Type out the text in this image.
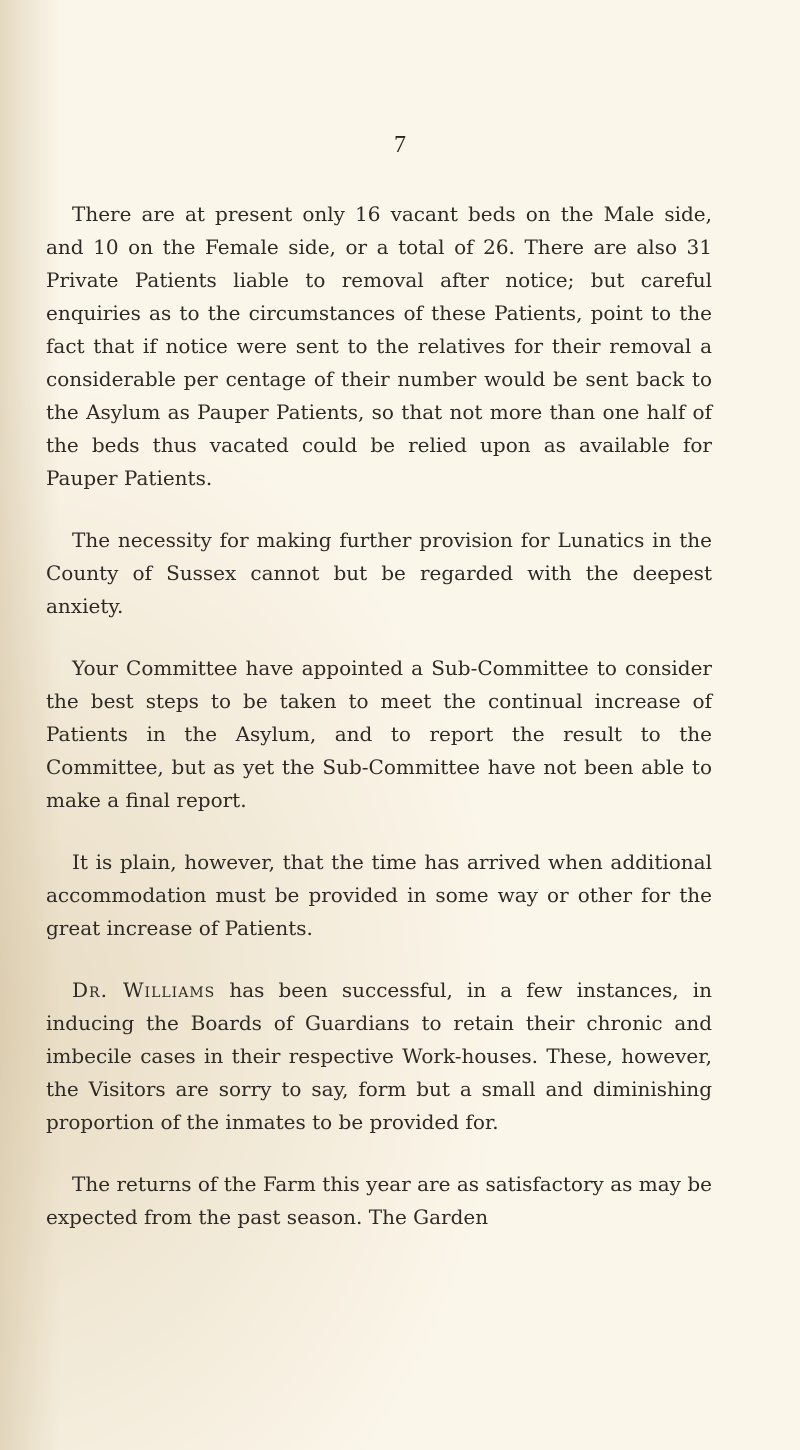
7

There are at present only 16 vacant beds on the Male side, and 10 on the Female side, or a total of 26. There are also 31 Private Patients liable to removal after notice; but careful enquiries as to the circumstances of these Patients, point to the fact that if notice were sent to the relatives for their removal a considerable per centage of their number would be sent back to the Asylum as Pauper Patients, so that not more than one half of the beds thus vacated could be relied upon as available for Pauper Patients.

The necessity for making further provision for Lunatics in the County of Sussex cannot but be regarded with the deepest anxiety.

Your Committee have appointed a Sub-Committee to consider the best steps to be taken to meet the continual increase of Patients in the Asylum, and to report the result to the Committee, but as yet the Sub-Committee have not been able to make a final report.

It is plain, however, that the time has arrived when additional accommodation must be provided in some way or other for the great increase of Patients.

Dr. Williams has been successful, in a few instances, in inducing the Boards of Guardians to retain their chronic and imbecile cases in their respective Work-houses. These, however, the Visitors are sorry to say, form but a small and diminishing proportion of the inmates to be provided for.

The returns of the Farm this year are as satisfactory as may be expected from the past season. The Garden
